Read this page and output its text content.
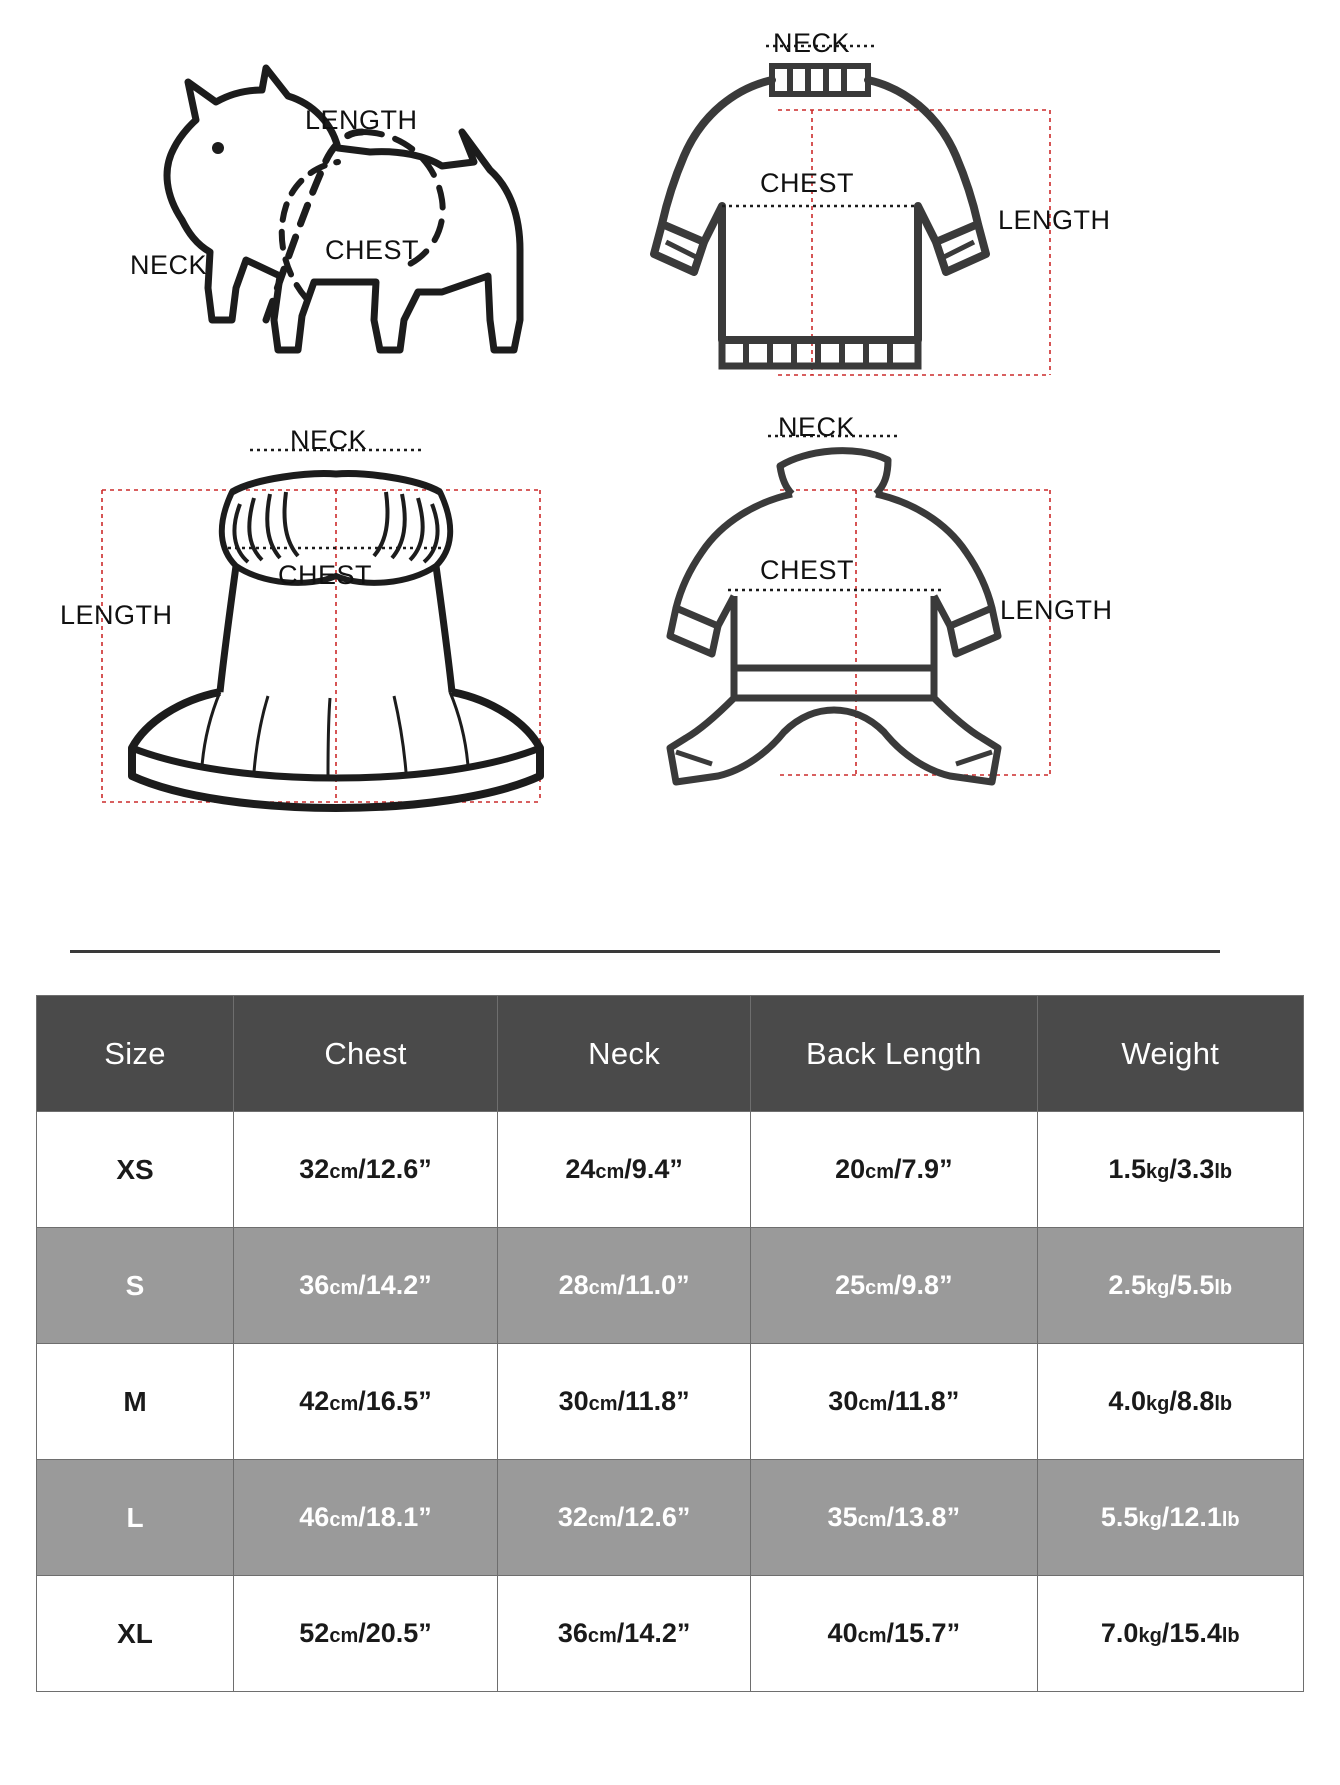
LENGTH
CHEST
NECK
NECK
CHEST
LENGTH
NECK
CHEST
LENGTH
NECK
CHEST
LENGTH
Size	Chest	Neck	Back Length	Weight
XS	32cm/12.6”	24cm/9.4”	20cm/7.9”	1.5kg/3.3lb
S	36cm/14.2”	28cm/11.0”	25cm/9.8”	2.5kg/5.5lb
M	42cm/16.5”	30cm/11.8”	30cm/11.8”	4.0kg/8.8lb
L	46cm/18.1”	32cm/12.6”	35cm/13.8”	5.5kg/12.1lb
XL	52cm/20.5”	36cm/14.2”	40cm/15.7”	7.0kg/15.4lb
